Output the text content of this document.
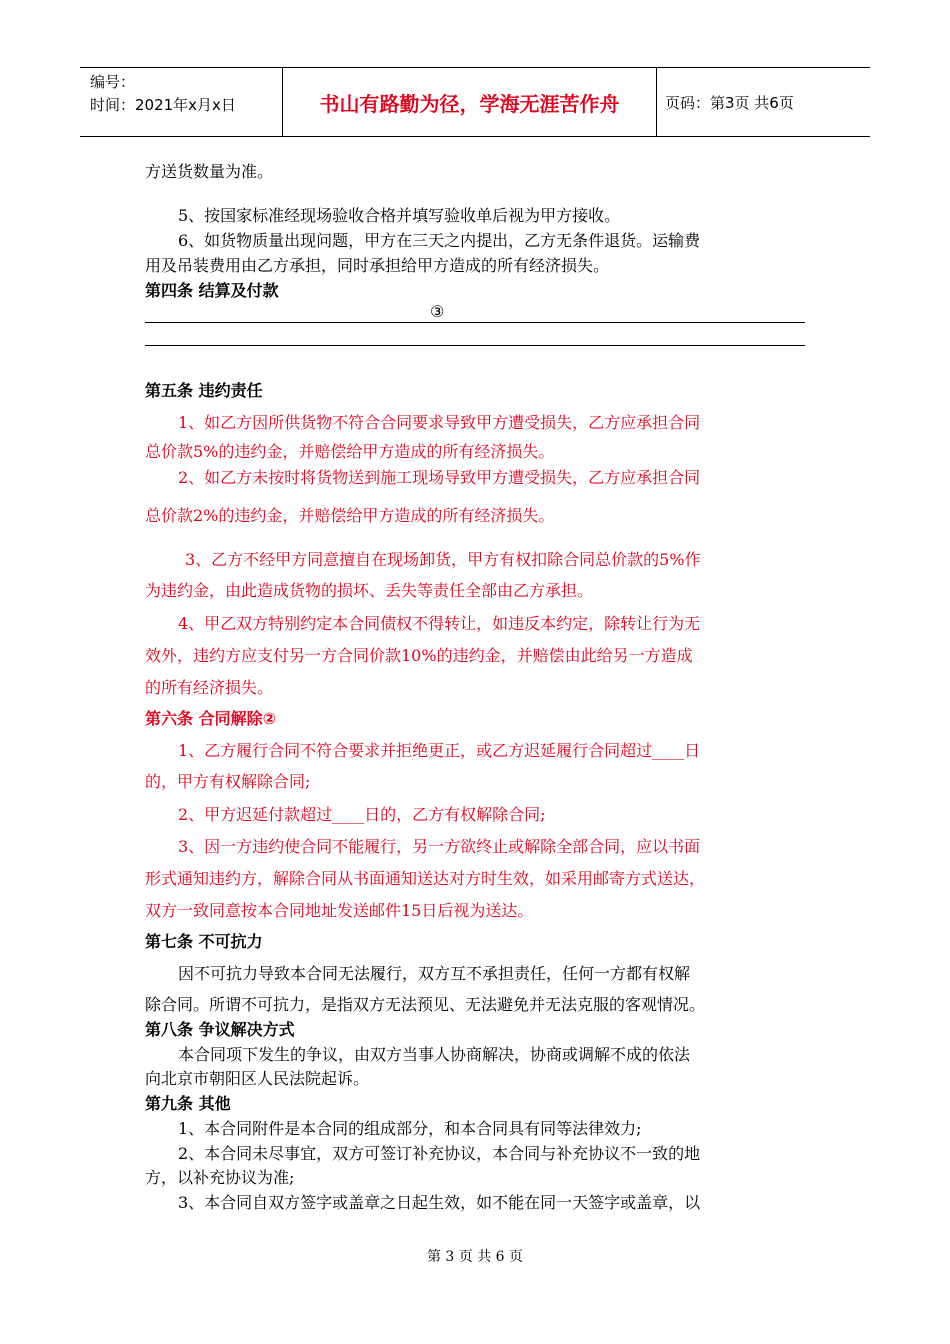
编号：
时间：2021年x月x日	书山有路勤为径，学海无涯苦作舟	页码：第3页 共6页
方送货数量为准。
5、按国家标准经现场验收合格并填写验收单后视为甲方接收。
6、如货物质量出现问题，甲方在三天之内提出，乙方无条件退货。运输费
用及吊装费用由乙方承担，同时承担给甲方造成的所有经济损失。
第四条 结算及付款
③
第五条 违约责任
1、如乙方因所供货物不符合合同要求导致甲方遭受损失，乙方应承担合同
总价款5%的违约金，并赔偿给甲方造成的所有经济损失。
2、如乙方未按时将货物送到施工现场导致甲方遭受损失，乙方应承担合同
总价款2%的违约金，并赔偿给甲方造成的所有经济损失。
3、乙方不经甲方同意擅自在现场卸货，甲方有权扣除合同总价款的5%作
为违约金，由此造成货物的损坏、丢失等责任全部由乙方承担。
4、甲乙双方特别约定本合同债权不得转让，如违反本约定，除转让行为无
效外，违约方应支付另一方合同价款10%的违约金，并赔偿由此给另一方造成
的所有经济损失。
第六条 合同解除②
1、乙方履行合同不符合要求并拒绝更正，或乙方迟延履行合同超过____日
的，甲方有权解除合同;
2、甲方迟延付款超过____日的，乙方有权解除合同;
3、因一方违约使合同不能履行，另一方欲终止或解除全部合同，应以书面
形式通知违约方，解除合同从书面通知送达对方时生效，如采用邮寄方式送达，
双方一致同意按本合同地址发送邮件15日后视为送达。
第七条 不可抗力
因不可抗力导致本合同无法履行，双方互不承担责任，任何一方都有权解
除合同。所谓不可抗力，是指双方无法预见、无法避免并无法克服的客观情况。
第八条 争议解决方式
本合同项下发生的争议，由双方当事人协商解决，协商或调解不成的依法
向北京市朝阳区人民法院起诉。
第九条 其他
1、本合同附件是本合同的组成部分，和本合同具有同等法律效力;
2、本合同未尽事宜，双方可签订补充协议，本合同与补充协议不一致的地
方，以补充协议为准;
3、本合同自双方签字或盖章之日起生效，如不能在同一天签字或盖章，以
第 3 页 共 6 页
